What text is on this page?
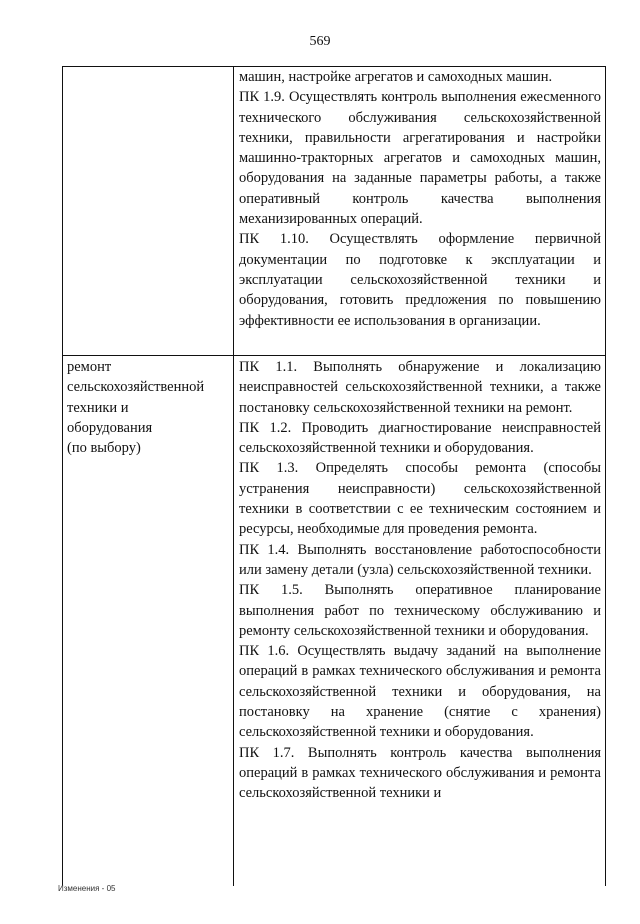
569

машин, настройке агрегатов и самоходных машин.

ПК 1.9. Осуществлять контроль выполнения ежесменного технического обслуживания сельскохозяйственной техники, правильности агрегатирования и настройки машинно-тракторных агрегатов и самоходных машин, оборудования на заданные параметры работы, а также оперативный контроль качества выполнения механизированных операций.

ПК 1.10. Осуществлять оформление первичной документации по подготовке к эксплуатации и эксплуатации сельскохозяйственной техники и оборудования, готовить предложения по повышению эффективности ее использования в организации.

ремонт

сельскохозяйственной

техники и

оборудования

(по выбору)

ПК 1.1. Выполнять обнаружение и локализацию неисправностей сельскохозяйственной техники, а также постановку сельскохозяйственной техники на ремонт.

ПК 1.2. Проводить диагностирование неисправностей сельскохозяйственной техники и оборудования.

ПК 1.3. Определять способы ремонта (способы устранения неисправности) сельскохозяйственной техники в соответствии с ее техническим состоянием и ресурсы, необходимые для проведения ремонта.

ПК 1.4. Выполнять восстановление работоспособности или замену детали (узла) сельскохозяйственной техники.

ПК 1.5. Выполнять оперативное планирование выполнения работ по техническому обслуживанию и ремонту сельскохозяйственной техники и оборудования.

ПК 1.6. Осуществлять выдачу заданий на выполнение операций в рамках технического обслуживания и ремонта сельскохозяйственной техники и оборудования, на постановку на хранение (снятие с хранения) сельскохозяйственной техники и оборудования.

ПК 1.7. Выполнять контроль качества выполнения операций в рамках технического обслуживания и ремонта сельскохозяйственной техники и

Изменения - 05
